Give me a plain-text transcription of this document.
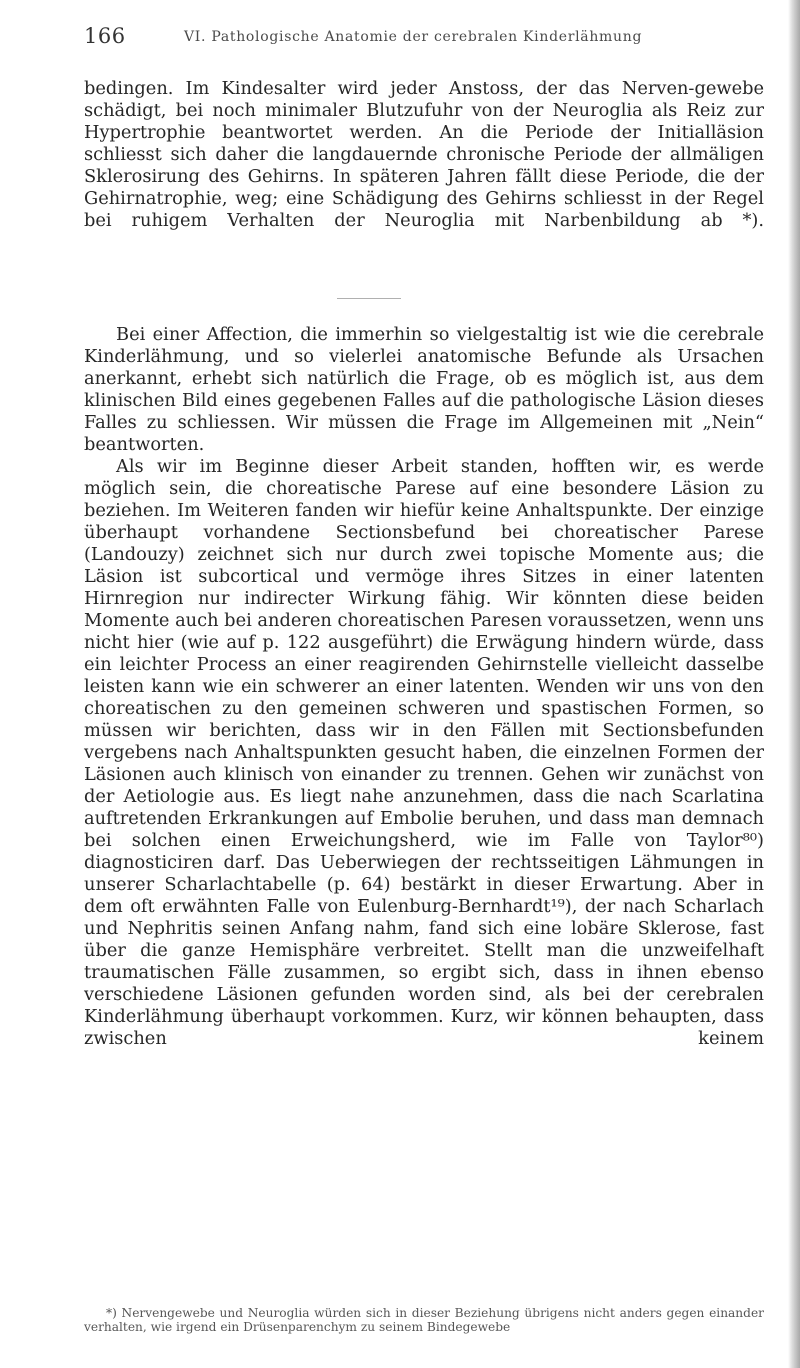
166	VI. Pathologische Anatomie der cerebralen Kinderlähmung

bedingen. Im Kindesalter wird jeder Anstoss, der das Nerven-gewebe schädigt, bei noch minimaler Blutzufuhr von der Neuroglia als Reiz zur Hypertrophie beantwortet werden. An die Periode der Initialläsion schliesst sich daher die langdauernde chronische Periode der allmäligen Sklerosirung des Gehirns. In späteren Jahren fällt diese Periode, die der Gehirnatrophie, weg; eine Schädigung des Gehirns schliesst in der Regel bei ruhigem Verhalten der Neuroglia mit Narbenbildung ab *).

Bei einer Affection, die immerhin so vielgestaltig ist wie die cerebrale Kinderlähmung, und so vielerlei anatomische Befunde als Ursachen anerkannt, erhebt sich natürlich die Frage, ob es möglich ist, aus dem klinischen Bild eines gegebenen Falles auf die pathologische Läsion dieses Falles zu schliessen. Wir müssen die Frage im Allgemeinen mit „Nein“ beantworten.

Als wir im Beginne dieser Arbeit standen, hofften wir, es werde möglich sein, die choreatische Parese auf eine besondere Läsion zu beziehen. Im Weiteren fanden wir hiefür keine Anhaltspunkte. Der einzige überhaupt vorhandene Sectionsbefund bei choreatischer Parese (Landouzy) zeichnet sich nur durch zwei topische Momente aus; die Läsion ist subcortical und vermöge ihres Sitzes in einer latenten Hirnregion nur indirecter Wirkung fähig. Wir könnten diese beiden Momente auch bei anderen choreatischen Paresen voraussetzen, wenn uns nicht hier (wie auf p. 122 ausgeführt) die Erwägung hindern würde, dass ein leichter Process an einer reagirenden Gehirnstelle vielleicht dasselbe leisten kann wie ein schwerer an einer latenten. Wenden wir uns von den choreatischen zu den gemeinen schweren und spastischen Formen, so müssen wir berichten, dass wir in den Fällen mit Sectionsbefunden vergebens nach Anhaltspunkten gesucht haben, die einzelnen Formen der Läsionen auch klinisch von einander zu trennen. Gehen wir zunächst von der Aetiologie aus. Es liegt nahe anzunehmen, dass die nach Scarlatina auftretenden Erkrankungen auf Embolie beruhen, und dass man demnach bei solchen einen Erweichungsherd, wie im Falle von Taylor⁸⁰) diagnosticiren darf. Das Ueberwiegen der rechtsseitigen Lähmungen in unserer Scharlachtabelle (p. 64) bestärkt in dieser Erwartung. Aber in dem oft erwähnten Falle von Eulenburg-Bernhardt¹⁹), der nach Scharlach und Nephritis seinen Anfang nahm, fand sich eine lobäre Sklerose, fast über die ganze Hemisphäre verbreitet. Stellt man die unzweifelhaft traumatischen Fälle zusammen, so ergibt sich, dass in ihnen ebenso verschiedene Läsionen gefunden worden sind, als bei der cerebralen Kinderlähmung überhaupt vorkommen. Kurz, wir können behaupten, dass zwischen keinem

*) Nervengewebe und Neuroglia würden sich in dieser Beziehung übrigens nicht anders gegen einander verhalten, wie irgend ein Drüsenparenchym zu seinem Bindegewebe
